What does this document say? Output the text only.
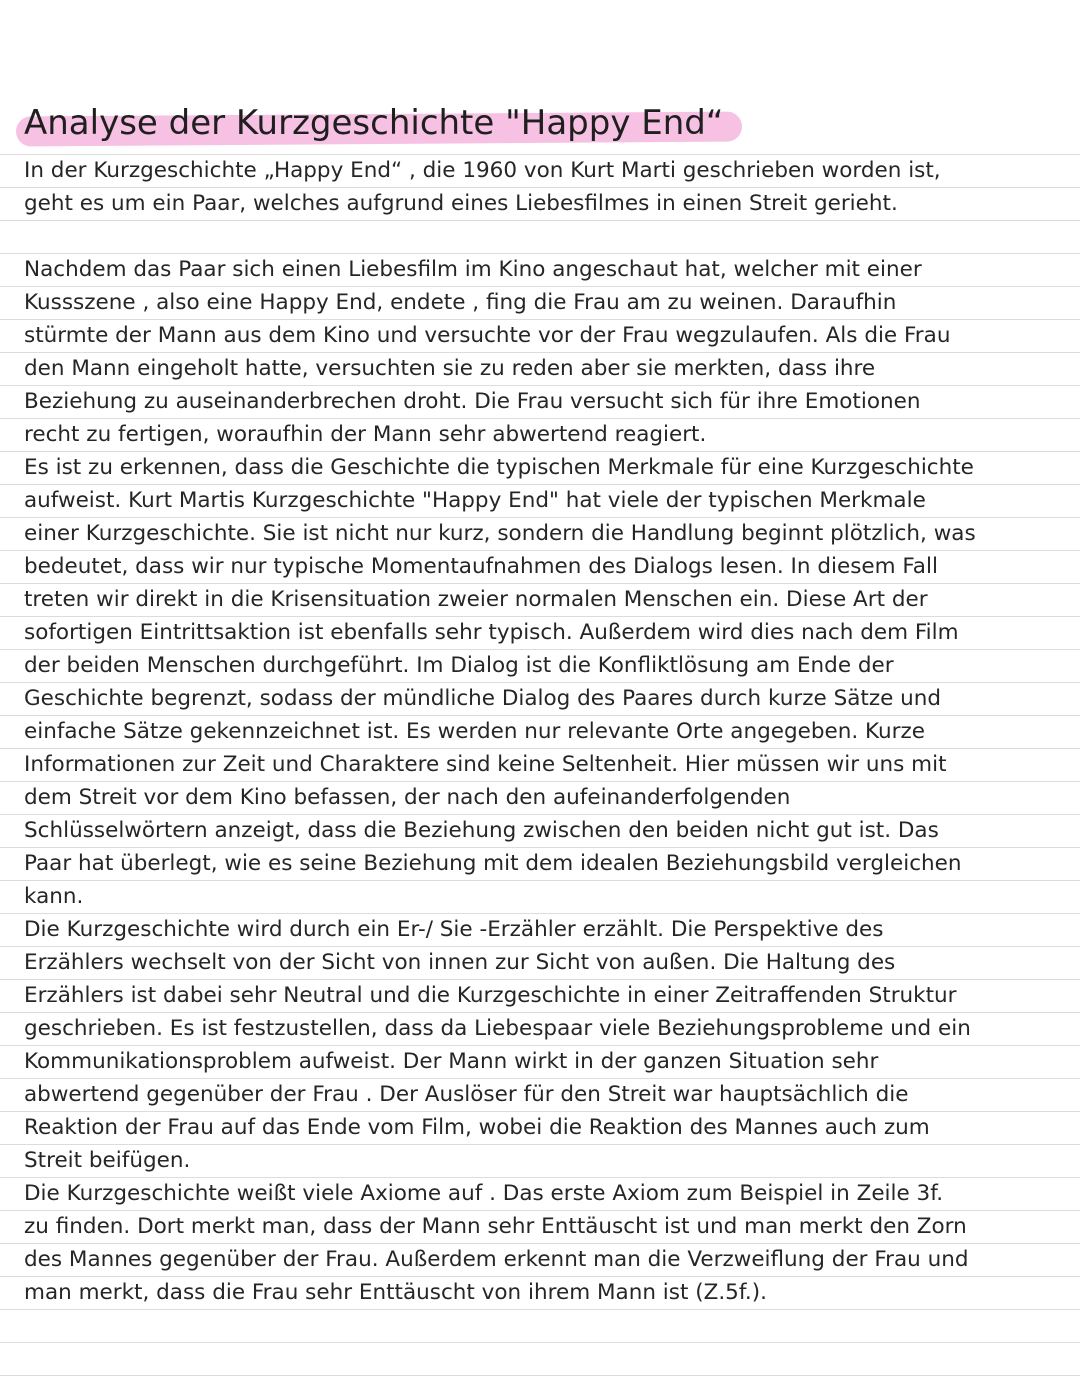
Analyse der Kurzgeschichte "Happy End“
In der Kurzgeschichte „Happy End“ , die 1960 von Kurt Marti geschrieben worden ist,
geht es um ein Paar, welches aufgrund eines Liebesfilmes in einen Streit gerieht.
Nachdem das Paar sich einen Liebesfilm im Kino angeschaut hat, welcher mit einer
Kussszene , also eine Happy End, endete , fing die Frau am zu weinen. Daraufhin
stürmte der Mann aus dem Kino und versuchte vor der Frau wegzulaufen. Als die Frau
den Mann eingeholt hatte, versuchten sie zu reden aber sie merkten, dass ihre
Beziehung zu auseinanderbrechen droht. Die Frau versucht sich für ihre Emotionen
recht zu fertigen, woraufhin der Mann sehr abwertend reagiert.
Es ist zu erkennen, dass die Geschichte die typischen Merkmale für eine Kurzgeschichte
aufweist. Kurt Martis Kurzgeschichte "Happy End" hat viele der typischen Merkmale
einer Kurzgeschichte. Sie ist nicht nur kurz, sondern die Handlung beginnt plötzlich, was
bedeutet, dass wir nur typische Momentaufnahmen des Dialogs lesen. In diesem Fall
treten wir direkt in die Krisensituation zweier normalen Menschen ein. Diese Art der
sofortigen Eintrittsaktion ist ebenfalls sehr typisch. Außerdem wird dies nach dem Film
der beiden Menschen durchgeführt. Im Dialog ist die Konfliktlösung am Ende der
Geschichte begrenzt, sodass der mündliche Dialog des Paares durch kurze Sätze und
einfache Sätze gekennzeichnet ist. Es werden nur relevante Orte angegeben. Kurze
Informationen zur Zeit und Charaktere sind keine Seltenheit. Hier müssen wir uns mit
dem Streit vor dem Kino befassen, der nach den aufeinanderfolgenden
Schlüsselwörtern anzeigt, dass die Beziehung zwischen den beiden nicht gut ist. Das
Paar hat überlegt, wie es seine Beziehung mit dem idealen Beziehungsbild vergleichen
kann.
Die Kurzgeschichte wird durch ein Er-/ Sie -Erzähler erzählt. Die Perspektive des
Erzählers wechselt von der Sicht von innen zur Sicht von außen. Die Haltung des
Erzählers ist dabei sehr Neutral und die Kurzgeschichte in einer Zeitraffenden Struktur
geschrieben. Es ist festzustellen, dass da Liebespaar viele Beziehungsprobleme und ein
Kommunikationsproblem aufweist. Der Mann wirkt in der ganzen Situation sehr
abwertend gegenüber der Frau . Der Auslöser für den Streit war hauptsächlich die
Reaktion der Frau auf das Ende vom Film, wobei die Reaktion des Mannes auch zum
Streit beifügen.
Die Kurzgeschichte weißt viele Axiome auf . Das erste Axiom zum Beispiel in Zeile 3f.
zu finden. Dort merkt man, dass der Mann sehr Enttäuscht ist und man merkt den Zorn
des Mannes gegenüber der Frau. Außerdem erkennt man die Verzweiflung der Frau und
man merkt, dass die Frau sehr Enttäuscht von ihrem Mann ist (Z.5f.).
